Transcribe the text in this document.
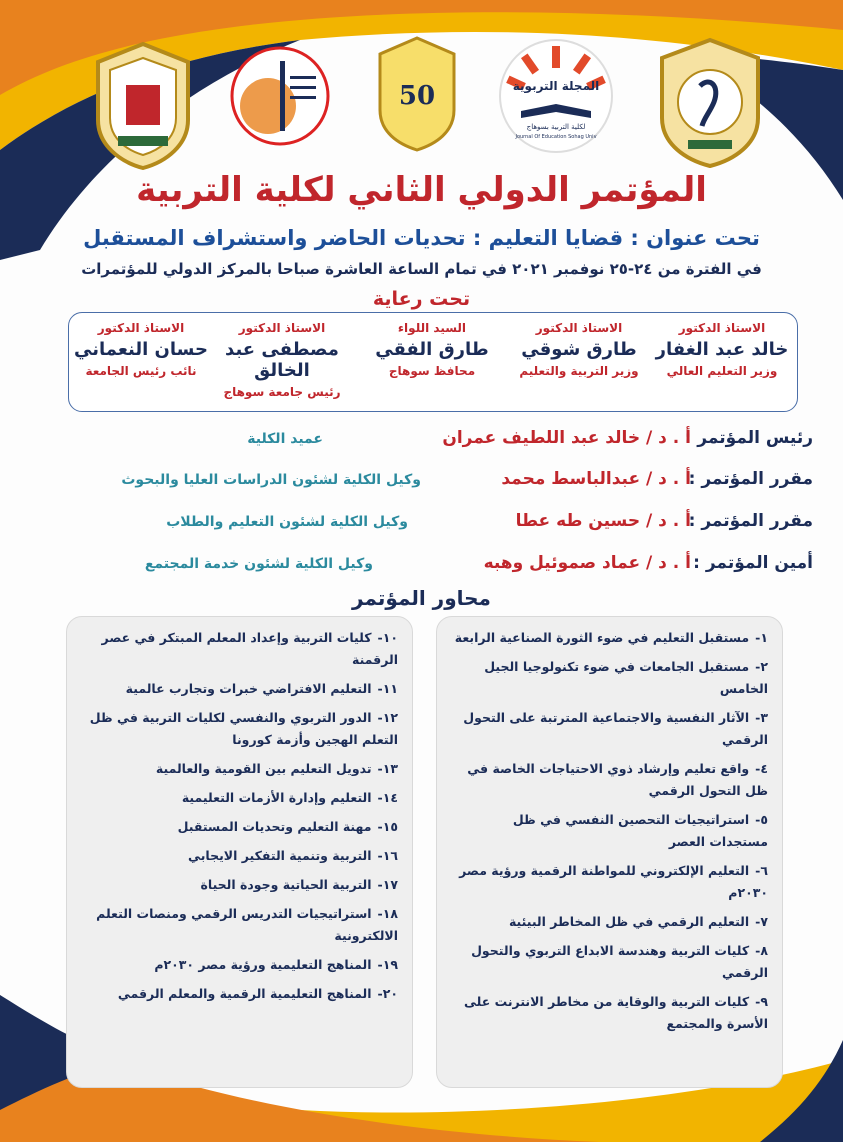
50	المجلة التربوية
لكلية التربية بسوهاج
Journal Of Education Sohag Univ
المؤتمر الدولي الثاني لكلية التربية
تحت عنوان : قضايا التعليم : تحديات الحاضر واستشراف المستقبل
في الفترة من ٢٤-٢٥ نوفمبر ٢٠٢١ في تمام الساعة العاشرة صباحا بالمركز الدولي للمؤتمرات
تحت رعاية
الاستاذ الدكتور
خالد عبد الغفار
وزير التعليم العالي
الاستاذ الدكتور
طارق شوقي
وزير التربية والتعليم
السيد اللواء
طارق الفقي
محافظ سوهاج
الاستاذ الدكتور
مصطفى عبد الخالق
رئيس جامعة سوهاج
الاستاذ الدكتور
حسان النعماني
نائب رئيس الجامعة
رئيس المؤتمر :
أ . د / خالد عبد اللطيف عمران
عميد الكلية
مقرر المؤتمر :
أ . د / عبدالباسط محمد
وكيل الكلية لشئون الدراسات العليا والبحوث
مقرر المؤتمر :
أ . د / حسين طه عطا
وكيل الكلية لشئون التعليم والطلاب
أمين المؤتمر :
أ . د / عماد صموئيل وهبه
وكيل الكلية لشئون خدمة المجتمع
محاور المؤتمر
١-مستقبل التعليم في ضوء الثورة الصناعية الرابعة
٢-مستقبل الجامعات في ضوء تكنولوجيا الجيل الخامس
٣-الآثار النفسية والاجتماعية المترتبة على التحول الرقمي
٤-واقع تعليم وإرشاد ذوي الاحتياجات الخاصة في ظل التحول الرقمي
٥-استراتيجيات التحصين النفسي في ظل مستجدات العصر
٦-التعليم الإلكتروني للمواطنة الرقمية ورؤية مصر ٢٠٣٠م
٧-التعليم الرقمي في ظل المخاطر البيئية
٨-كليات التربية وهندسة الابداع التربوي والتحول الرقمي
٩-كليات التربية والوقاية من مخاطر الانترنت على الأسرة والمجتمع
١٠-كليات التربية وإعداد المعلم المبتكر في عصر الرقمنة
١١-التعليم الافتراضي خبرات وتجارب عالمية
١٢-الدور التربوي والنفسي لكليات التربية في ظل التعلم الهجين وأزمة كورونا
١٣-تدويل التعليم بين القومية والعالمية
١٤-التعليم وإدارة الأزمات التعليمية
١٥-مهنة التعليم وتحديات المستقبل
١٦-التربية وتنمية التفكير الايجابي
١٧-التربية الحياتية وجودة الحياة
١٨-استراتيجيات التدريس الرقمي ومنصات التعلم الالكترونية
١٩-المناهج التعليمية ورؤية مصر ٢٠٣٠م
٢٠-المناهج التعليمية الرقمية والمعلم الرقمي
